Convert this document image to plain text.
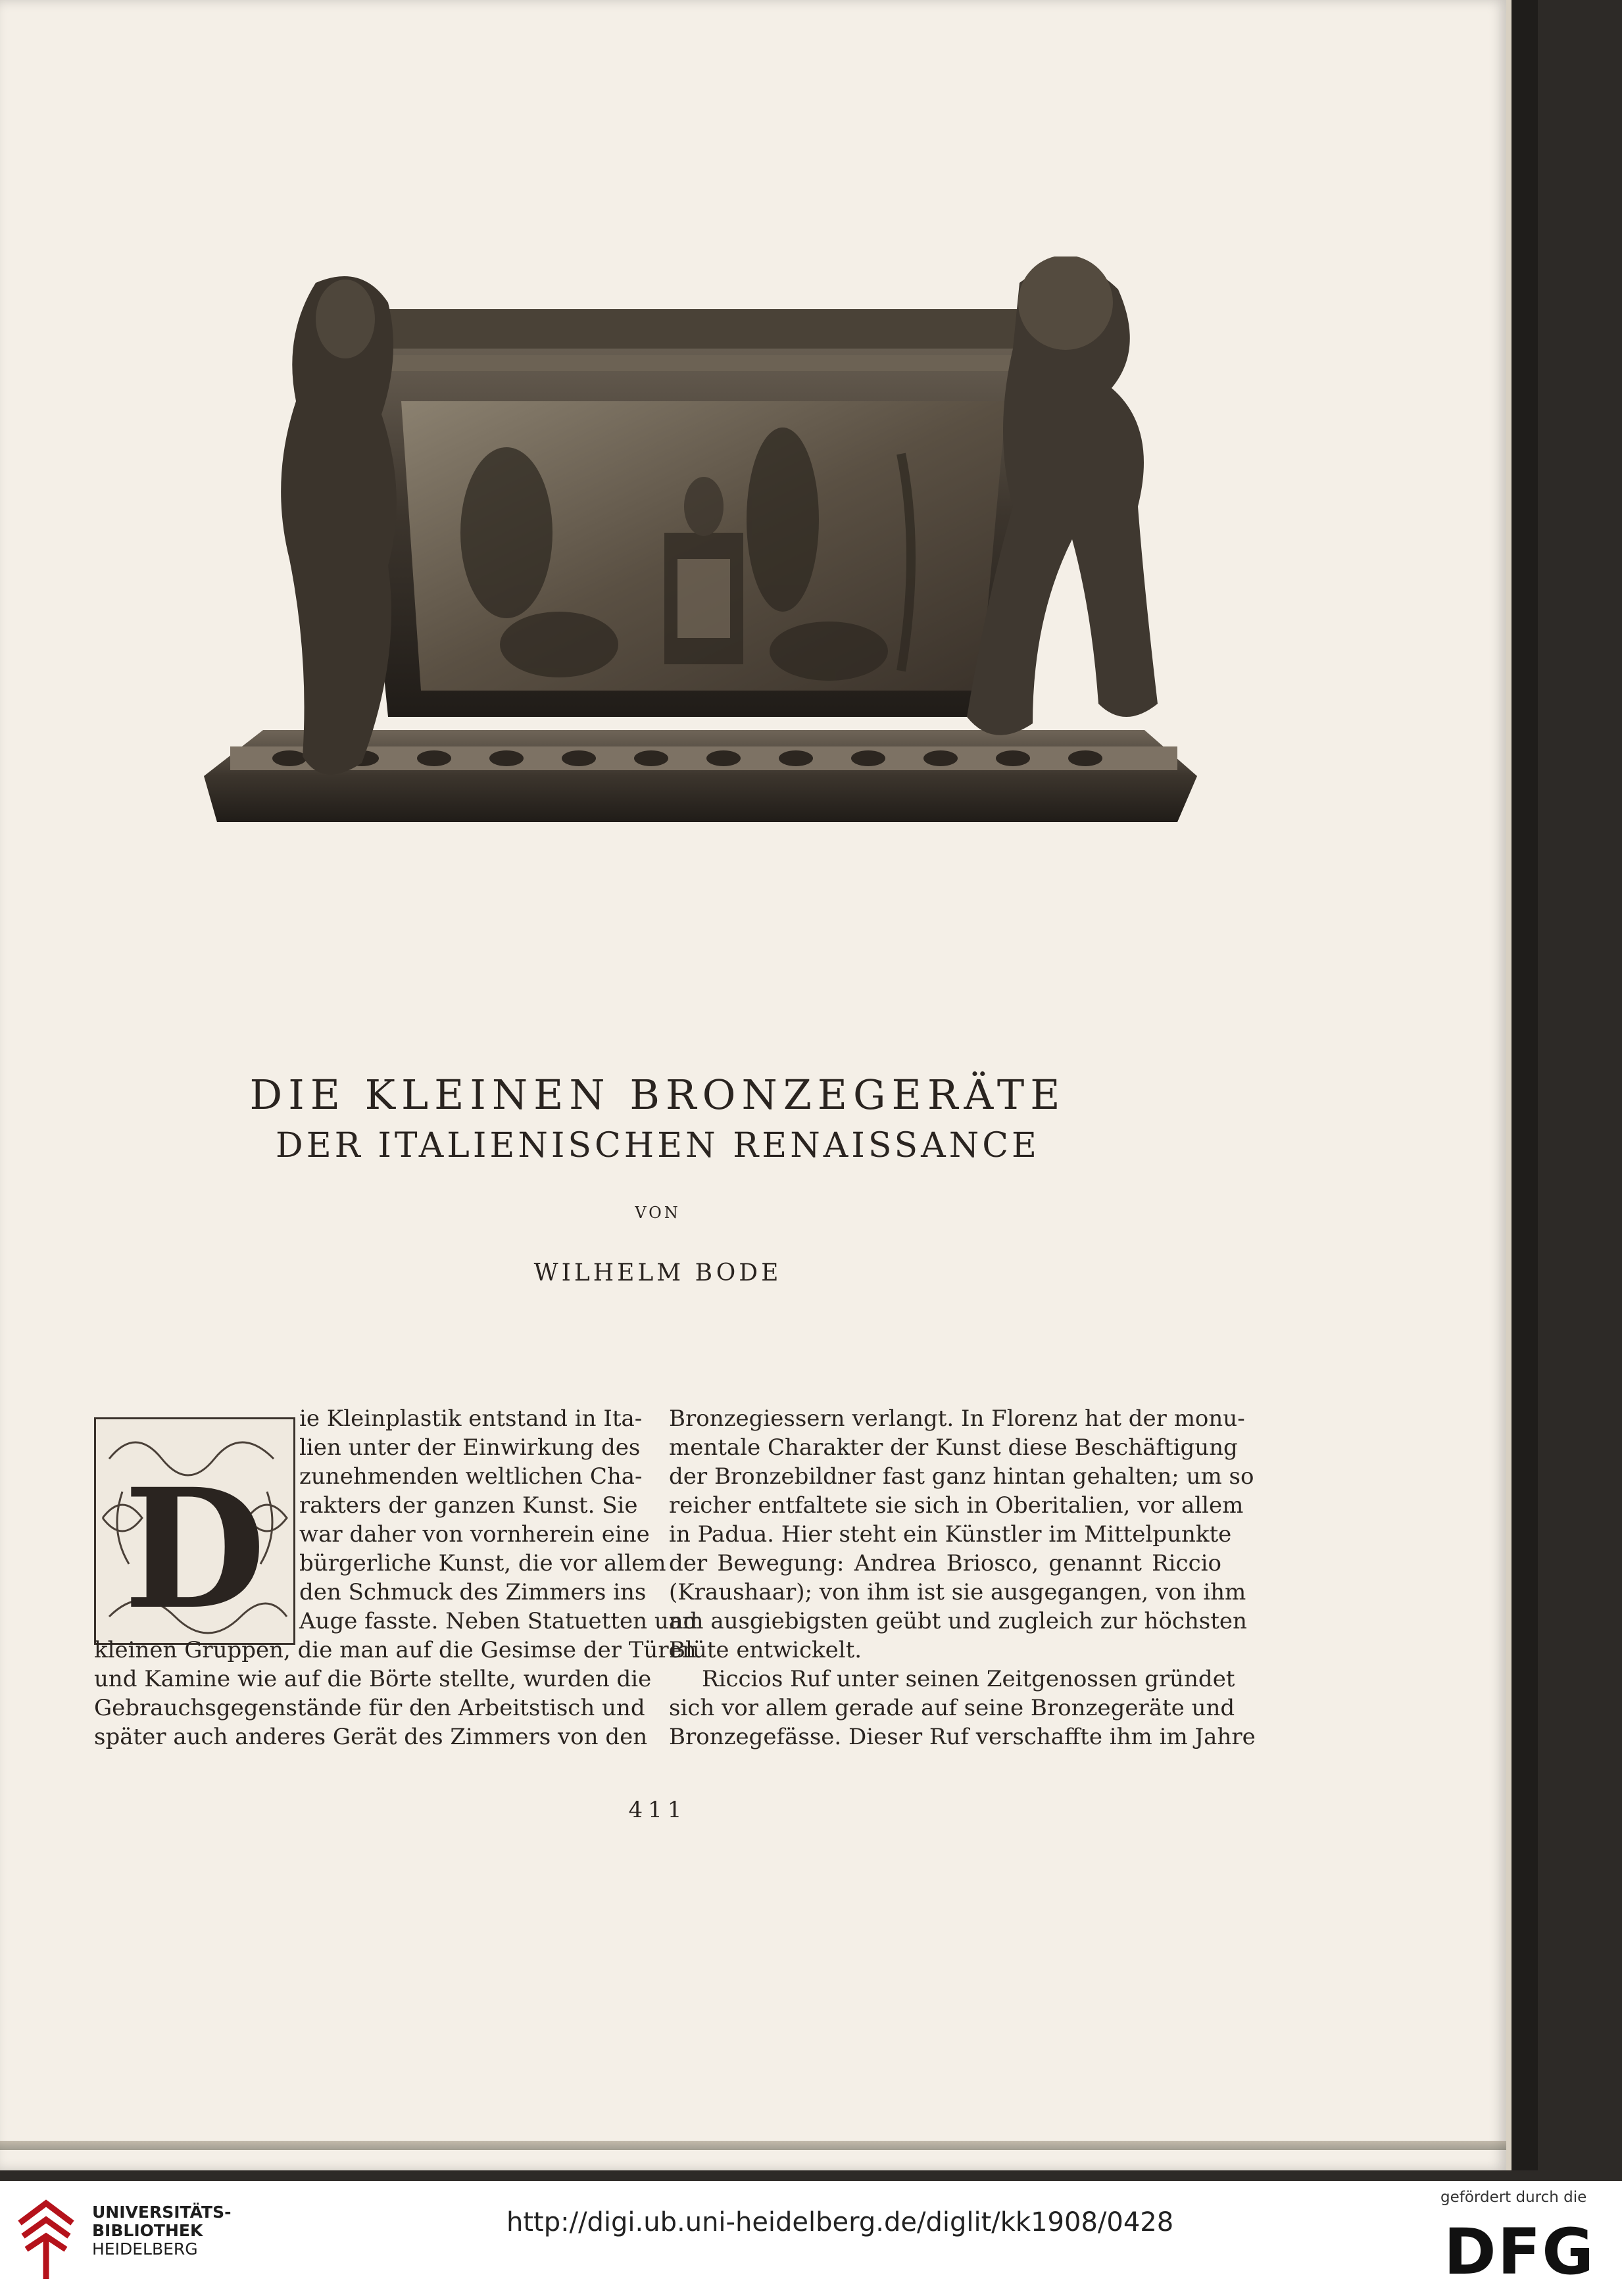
DIE KLEINEN BRONZEGERÄTE
DER ITALIENISCHEN RENAISSANCE
VON
WILHELM BODE
D
ie Kleinplastik entstand in Ita-
lien unter der Einwirkung des
zunehmenden weltlichen Cha-
rakters der ganzen Kunst. Sie
war daher von vornherein eine
bürgerliche Kunst, die vor allem
den Schmuck des Zimmers ins
Auge fasste. Neben Statuetten und
kleinen Gruppen, die man auf die Gesimse der Türen
und Kamine wie auf die Börte stellte, wurden die
Gebrauchsgegenstände für den Arbeitstisch und
später auch anderes Gerät des Zimmers von den
Bronzegiessern verlangt. In Florenz hat der monu-
mentale Charakter der Kunst diese Beschäftigung
der Bronzebildner fast ganz hintan gehalten; um so
reicher entfaltete sie sich in Oberitalien, vor allem
in Padua. Hier steht ein Künstler im Mittelpunkte
der Bewegung: Andrea Briosco, genannt Riccio
(Kraushaar); von ihm ist sie ausgegangen, von ihm
am ausgiebigsten geübt und zugleich zur höchsten
Blüte entwickelt.
Riccios Ruf unter seinen Zeitgenossen gründet
sich vor allem gerade auf seine Bronzegeräte und
Bronzegefässe. Dieser Ruf verschaffte ihm im Jahre
411
UNIVERSITÄTS-
BIBLIOTHEK
HEIDELBERG
http://digi.ub.uni-heidelberg.de/diglit/kk1908/0428
gefördert durch die
DFG
